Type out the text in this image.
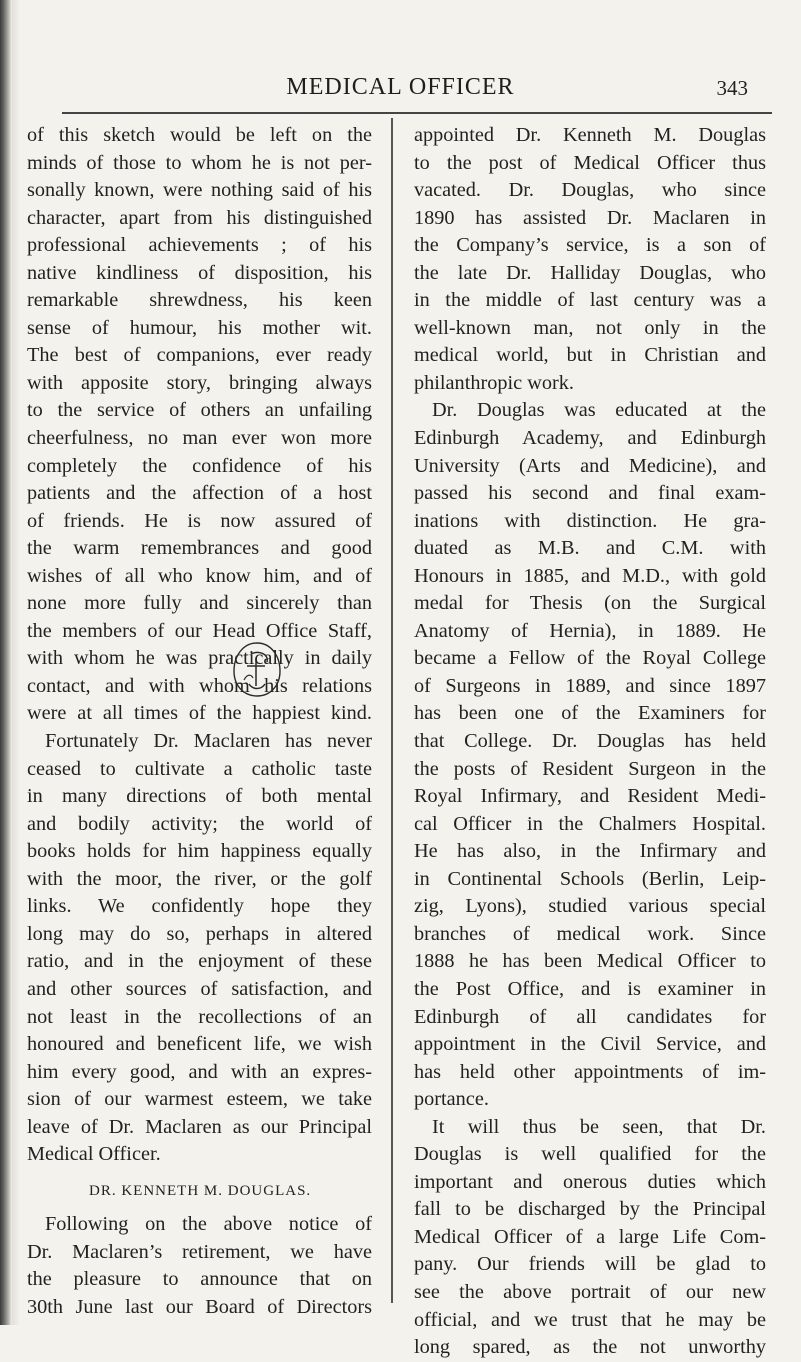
MEDICAL OFFICER	343
of this sketch would be left on the
minds of those to whom he is not per-
sonally known, were nothing said of his
character, apart from his distinguished
professional achievements ; of his
native kindliness of disposition, his
remarkable shrewdness, his keen
sense of humour, his mother wit.
The best of companions, ever ready
with apposite story, bringing always
to the service of others an unfailing
cheerfulness, no man ever won more
completely the confidence of his
patients and the affection of a host
of friends. He is now assured of
the warm remembrances and good
wishes of all who know him, and of
none more fully and sincerely than
the members of our Head Office Staff,
with whom he was practically in daily
contact, and with whom his relations
were at all times of the happiest kind.
Fortunately Dr. Maclaren has never
ceased to cultivate a catholic taste
in many directions of both mental
and bodily activity; the world of
books holds for him happiness equally
with the moor, the river, or the golf
links. We confidently hope they
long may do so, perhaps in altered
ratio, and in the enjoyment of these
and other sources of satisfaction, and
not least in the recollections of an
honoured and beneficent life, we wish
him every good, and with an expres-
sion of our warmest esteem, we take
leave of Dr. Maclaren as our Principal
Medical Officer.
DR. KENNETH M. DOUGLAS.
Following on the above notice of
Dr. Maclaren’s retirement, we have
the pleasure to announce that on
30th June last our Board of Directors
appointed Dr. Kenneth M. Douglas
to the post of Medical Officer thus
vacated. Dr. Douglas, who since
1890 has assisted Dr. Maclaren in
the Company’s service, is a son of
the late Dr. Halliday Douglas, who
in the middle of last century was a
well-known man, not only in the
medical world, but in Christian and
philanthropic work.
Dr. Douglas was educated at the
Edinburgh Academy, and Edinburgh
University (Arts and Medicine), and
passed his second and final exam-
inations with distinction. He gra-
duated as M.B. and C.M. with
Honours in 1885, and M.D., with gold
medal for Thesis (on the Surgical
Anatomy of Hernia), in 1889. He
became a Fellow of the Royal College
of Surgeons in 1889, and since 1897
has been one of the Examiners for
that College. Dr. Douglas has held
the posts of Resident Surgeon in the
Royal Infirmary, and Resident Medi-
cal Officer in the Chalmers Hospital.
He has also, in the Infirmary and
in Continental Schools (Berlin, Leip-
zig, Lyons), studied various special
branches of medical work. Since
1888 he has been Medical Officer to
the Post Office, and is examiner in
Edinburgh of all candidates for
appointment in the Civil Service, and
has held other appointments of im-
portance.
It will thus be seen, that Dr.
Douglas is well qualified for the
important and onerous duties which
fall to be discharged by the Principal
Medical Officer of a large Life Com-
pany. Our friends will be glad to
see the above portrait of our new
official, and we trust that he may be
long spared, as the not unworthy
